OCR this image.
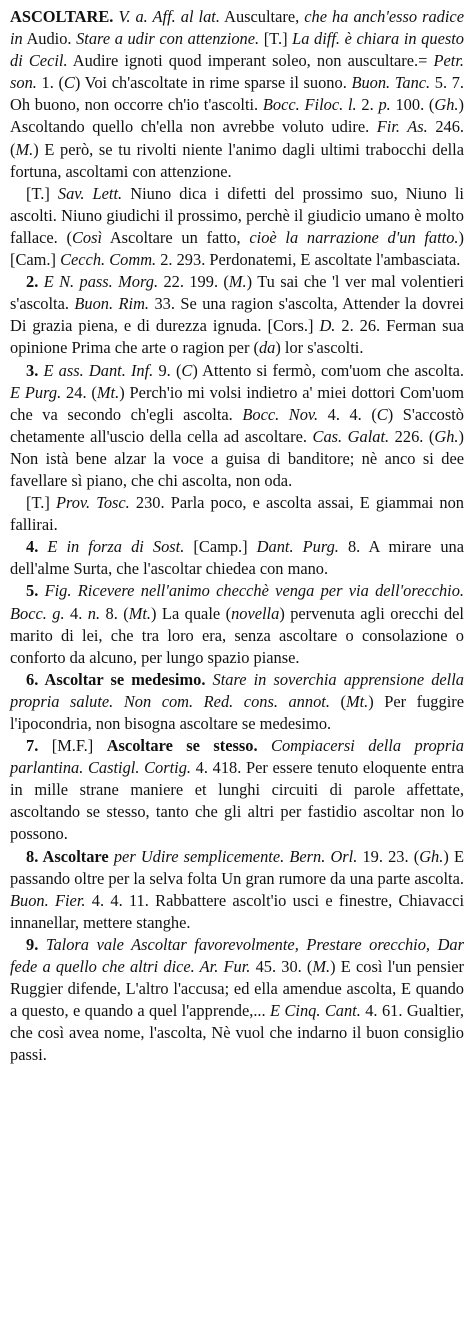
ASCOLTARE. V. a. Aff. al lat. Auscultare, che ha anch'esso radice in Audio. Stare a udir con attenzione. [T.] La diff. è chiara in questo di Cecil. Audire ignoti quod imperant soleo, non auscultare.= Petr. son. 1. (C) Voi ch'ascoltate in rime sparse il suono. Buon. Tanc. 5. 7. Oh buono, non occorre ch'io t'ascolti. Bocc. Filoc. l. 2. p. 100. (Gh.) Ascoltando quello ch'ella non avrebbe voluto udire. Fir. As. 246. (M.) E però, se tu rivolti niente l'animo dagli ultimi trabocchi della fortuna, ascoltami con attenzione.

[T.] Sav. Lett. Niuno dica i difetti del prossimo suo, Niuno li ascolti. Niuno giudichi il prossimo, perchè il giudicio umano è molto fallace. (Così Ascoltare un fatto, cioè la narrazione d'un fatto.) [Cam.] Cecch. Comm. 2. 293. Perdonatemi, E ascoltate l'ambasciata.

2. E N. pass. Morg. 22. 199. (M.) Tu sai che 'l ver mal volentieri s'ascolta. Buon. Rim. 33. Se una ragion s'ascolta, Attender la dovrei Di grazia piena, e di durezza ignuda. [Cors.] D. 2. 26. Ferman sua opinione Prima che arte o ragion per (da) lor s'ascolti.

3. E ass. Dant. Inf. 9. (C) Attento si fermò, com'uom che ascolta. E Purg. 24. (Mt.) Perch'io mi volsi indietro a' miei dottori Com'uom che va secondo ch'egli ascolta. Bocc. Nov. 4. 4. (C) S'accostò chetamente all'uscio della cella ad ascoltare. Cas. Galat. 226. (Gh.) Non istà bene alzar la voce a guisa di banditore; nè anco si dee favellare sì piano, che chi ascolta, non oda.

[T.] Prov. Tosc. 230. Parla poco, e ascolta assai, E giammai non fallirai.

4. E in forza di Sost. [Camp.] Dant. Purg. 8. A mirare una dell'alme Surta, che l'ascoltar chiedea con mano.

5. Fig. Ricevere nell'animo checchè venga per via dell'orecchio. Bocc. g. 4. n. 8. (Mt.) La quale (novella) pervenuta agli orecchi del marito di lei, che tra loro era, senza ascoltare o consolazione o conforto da alcuno, per lungo spazio pianse.

6. Ascoltar se medesimo. Stare in soverchia apprensione della propria salute. Non com. Red. cons. annot. (Mt.) Per fuggire l'ipocondria, non bisogna ascoltare se medesimo.

7. [M.F.] Ascoltare se stesso. Compiacersi della propria parlantina. Castigl. Cortig. 4. 418. Per essere tenuto eloquente entra in mille strane maniere et lunghi circuiti di parole affettate, ascoltando se stesso, tanto che gli altri per fastidio ascoltar non lo possono.

8. Ascoltare per Udire semplicemente. Bern. Orl. 19. 23. (Gh.) E passando oltre per la selva folta Un gran rumore da una parte ascolta. Buon. Fier. 4. 4. 11. Rabbattere ascolt'io usci e finestre, Chiavacci innanellar, mettere stanghe.

9. Talora vale Ascoltar favorevolmente, Prestare orecchio, Dar fede a quello che altri dice. Ar. Fur. 45. 30. (M.) E così l'un pensier Ruggier difende, L'altro l'accusa; ed ella amendue ascolta, E quando a questo, e quando a quel l'apprende,... E Cinq. Cant. 4. 61. Gualtier, che così avea nome, l'ascolta, Nè vuol che indarno il buon consiglio passi.
